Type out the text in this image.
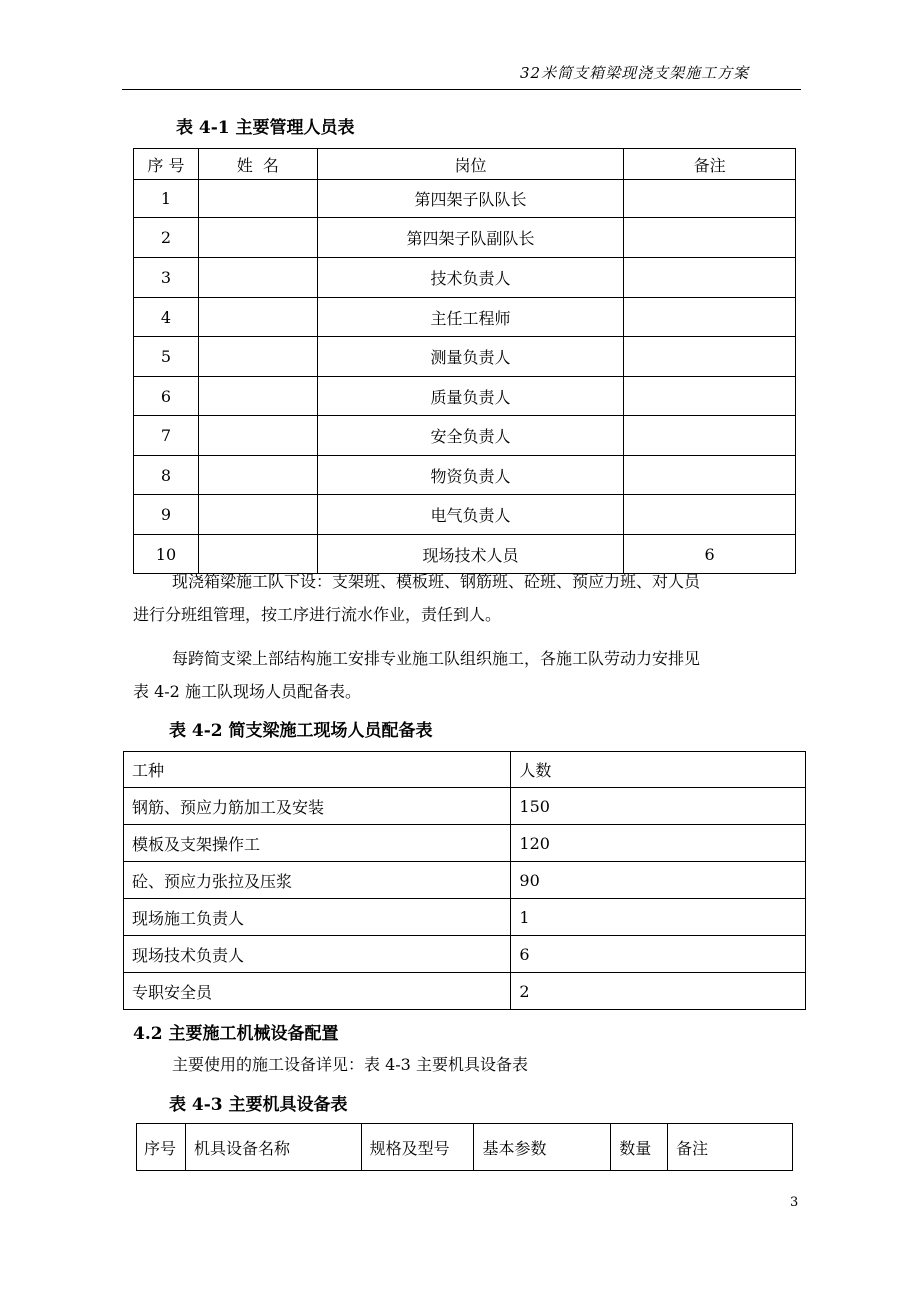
32米简支箱梁现浇支架施工方案
表 4-1 主要管理人员表
序 号	姓  名	岗位	备注
1		第四架子队队长	
2		第四架子队副队长	
3		技术负责人	
4		主任工程师	
5		测量负责人	
6		质量负责人	
7		安全负责人	
8		物资负责人	
9		电气负责人	
10		现场技术人员	6
现浇箱梁施工队下设：支架班、模板班、钢筋班、砼班、预应力班、对人员
进行分班组管理，按工序进行流水作业，责任到人。
每跨简支梁上部结构施工安排专业施工队组织施工，各施工队劳动力安排见
表 4-2 施工队现场人员配备表。
表 4-2 简支梁施工现场人员配备表
工种	人数
钢筋、预应力筋加工及安装	150
模板及支架操作工	120
砼、预应力张拉及压浆	90
现场施工负责人	1
现场技术负责人	6
专职安全员	2
4.2 主要施工机械设备配置
主要使用的施工设备详见：表 4-3 主要机具设备表
表 4-3 主要机具设备表
序号	机具设备名称	规格及型号	基本参数	数量	备注
3
